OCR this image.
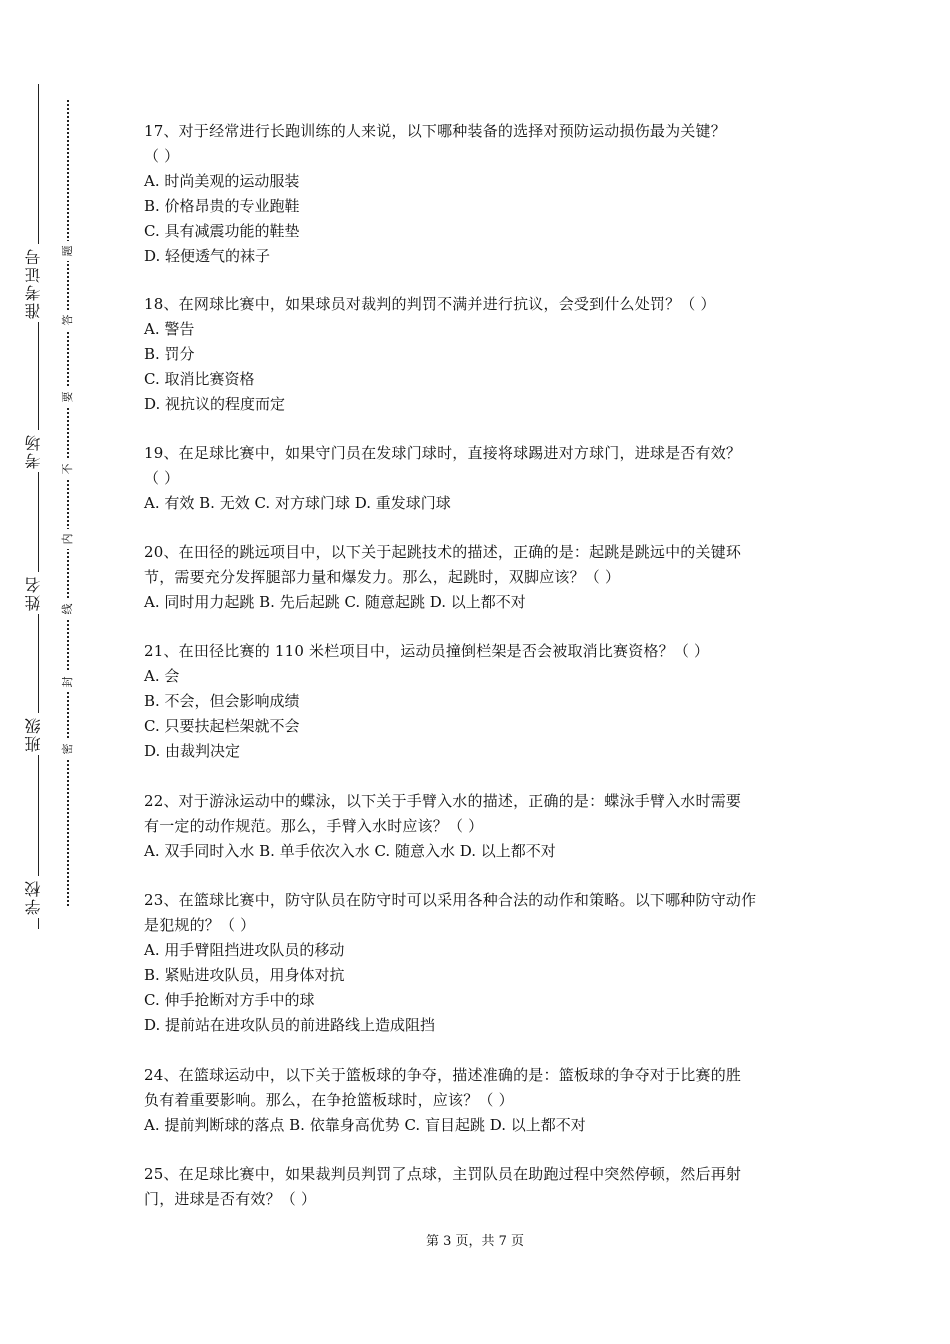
准考证号
考场
姓名
班级
学校
题
答
要
不
内
线
封
密
17、对于经常进行长跑训练的人来说，以下哪种装备的选择对预防运动损伤最为关键？
（ ）
A. 时尚美观的运动服装
B. 价格昂贵的专业跑鞋
C. 具有减震功能的鞋垫
D. 轻便透气的袜子
18、在网球比赛中，如果球员对裁判的判罚不满并进行抗议，会受到什么处罚？（ ）
A. 警告
B. 罚分
C. 取消比赛资格
D. 视抗议的程度而定
19、在足球比赛中，如果守门员在发球门球时，直接将球踢进对方球门，进球是否有效？
（ ）
A. 有效 B. 无效 C. 对方球门球 D. 重发球门球
20、在田径的跳远项目中，以下关于起跳技术的描述，正确的是：起跳是跳远中的关键环
节，需要充分发挥腿部力量和爆发力。那么，起跳时，双脚应该？（ ）
A. 同时用力起跳 B. 先后起跳 C. 随意起跳 D. 以上都不对
21、在田径比赛的 110 米栏项目中，运动员撞倒栏架是否会被取消比赛资格？（ ）
A. 会
B. 不会，但会影响成绩
C. 只要扶起栏架就不会
D. 由裁判决定
22、对于游泳运动中的蝶泳，以下关于手臂入水的描述，正确的是：蝶泳手臂入水时需要
有一定的动作规范。那么，手臂入水时应该？（ ）
A. 双手同时入水 B. 单手依次入水 C. 随意入水 D. 以上都不对
23、在篮球比赛中，防守队员在防守时可以采用各种合法的动作和策略。以下哪种防守动作
是犯规的？（ ）
A. 用手臂阻挡进攻队员的移动
B. 紧贴进攻队员，用身体对抗
C. 伸手抢断对方手中的球
D. 提前站在进攻队员的前进路线上造成阻挡
24、在篮球运动中，以下关于篮板球的争夺，描述准确的是：篮板球的争夺对于比赛的胜
负有着重要影响。那么，在争抢篮板球时，应该？（ ）
A. 提前判断球的落点 B. 依靠身高优势 C. 盲目起跳 D. 以上都不对
25、在足球比赛中，如果裁判员判罚了点球，主罚队员在助跑过程中突然停顿，然后再射
门，进球是否有效？（ ）
第 3 页，共 7 页
